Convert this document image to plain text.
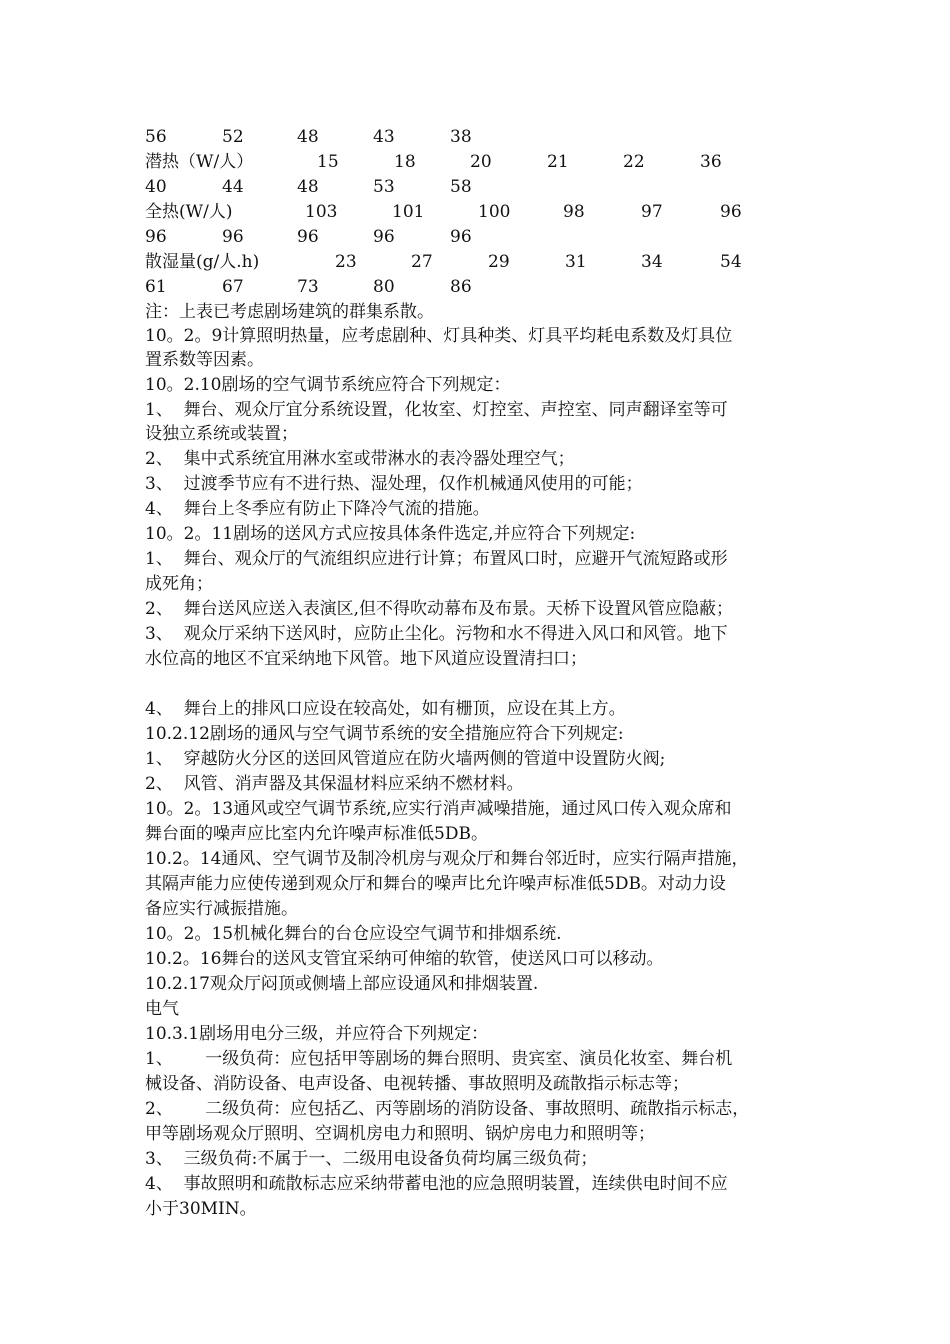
56	52	48	43	38
潜热（W/人）	15	18	20	21	22	36
40	44	48	53	58
全热(W/人)	103	101	100	98	97	96
96	96	96	96	96
散湿量(g/人.h)	23	27	29	31	34	54
61	67	73	80	86
注：上表已考虑剧场建筑的群集系散。
10。2。9计算照明热量，应考虑剧种、灯具种类、灯具平均耗电系数及灯具位
置系数等因素。
10。2.10剧场的空气调节系统应符合下列规定：
1、  舞台、观众厅宜分系统设置，化妆室、灯控室、声控室、同声翻译室等可
设独立系统或装置；
2、  集中式系统宜用淋水室或带淋水的表冷器处理空气；
3、  过渡季节应有不进行热、湿处理，仅作机械通风使用的可能；
4、  舞台上冬季应有防止下降冷气流的措施。
10。2。11剧场的送风方式应按具体条件选定,并应符合下列规定:
1、  舞台、观众厅的气流组织应进行计算；布置风口时，应避开气流短路或形
成死角；
2、  舞台送风应送入表演区,但不得吹动幕布及布景。天桥下设置风管应隐蔽；
3、  观众厅采纳下送风时，应防止尘化。污物和水不得进入风口和风管。地下
水位高的地区不宜采纳地下风管。地下风道应设置清扫口；
4、  舞台上的排风口应设在较高处，如有栅顶，应设在其上方。
10.2.12剧场的通风与空气调节系统的安全措施应符合下列规定:
1、  穿越防火分区的送回风管道应在防火墙两侧的管道中设置防火阀;
2、  风管、消声器及其保温材料应采纳不燃材料。
10。2。13通风或空气调节系统,应实行消声减噪措施，通过风口传入观众席和
舞台面的噪声应比室内允许噪声标准低5DB。
10.2。14通风、空气调节及制冷机房与观众厅和舞台邻近时，应实行隔声措施，
其隔声能力应使传递到观众厅和舞台的噪声比允许噪声标准低5DB。对动力设
备应实行减振措施。
10。2。15机械化舞台的台仓应设空气调节和排烟系统.
10.2。16舞台的送风支管宜采纳可伸缩的软管，使送风口可以移动。
10.2.17观众厅闷顶或侧墙上部应设通风和排烟装置.
电气
10.3.1剧场用电分三级，并应符合下列规定：
1、      一级负荷：应包括甲等剧场的舞台照明、贵宾室、演员化妆室、舞台机
械设备、消防设备、电声设备、电视转播、事故照明及疏散指示标志等；
2、      二级负荷：应包括乙、丙等剧场的消防设备、事故照明、疏散指示标志，
甲等剧场观众厅照明、空调机房电力和照明、锅炉房电力和照明等；
3、  三级负荷:不属于一、二级用电设备负荷均属三级负荷；
4、  事故照明和疏散标志应采纳带蓄电池的应急照明装置，连续供电时间不应
小于30MIN。
